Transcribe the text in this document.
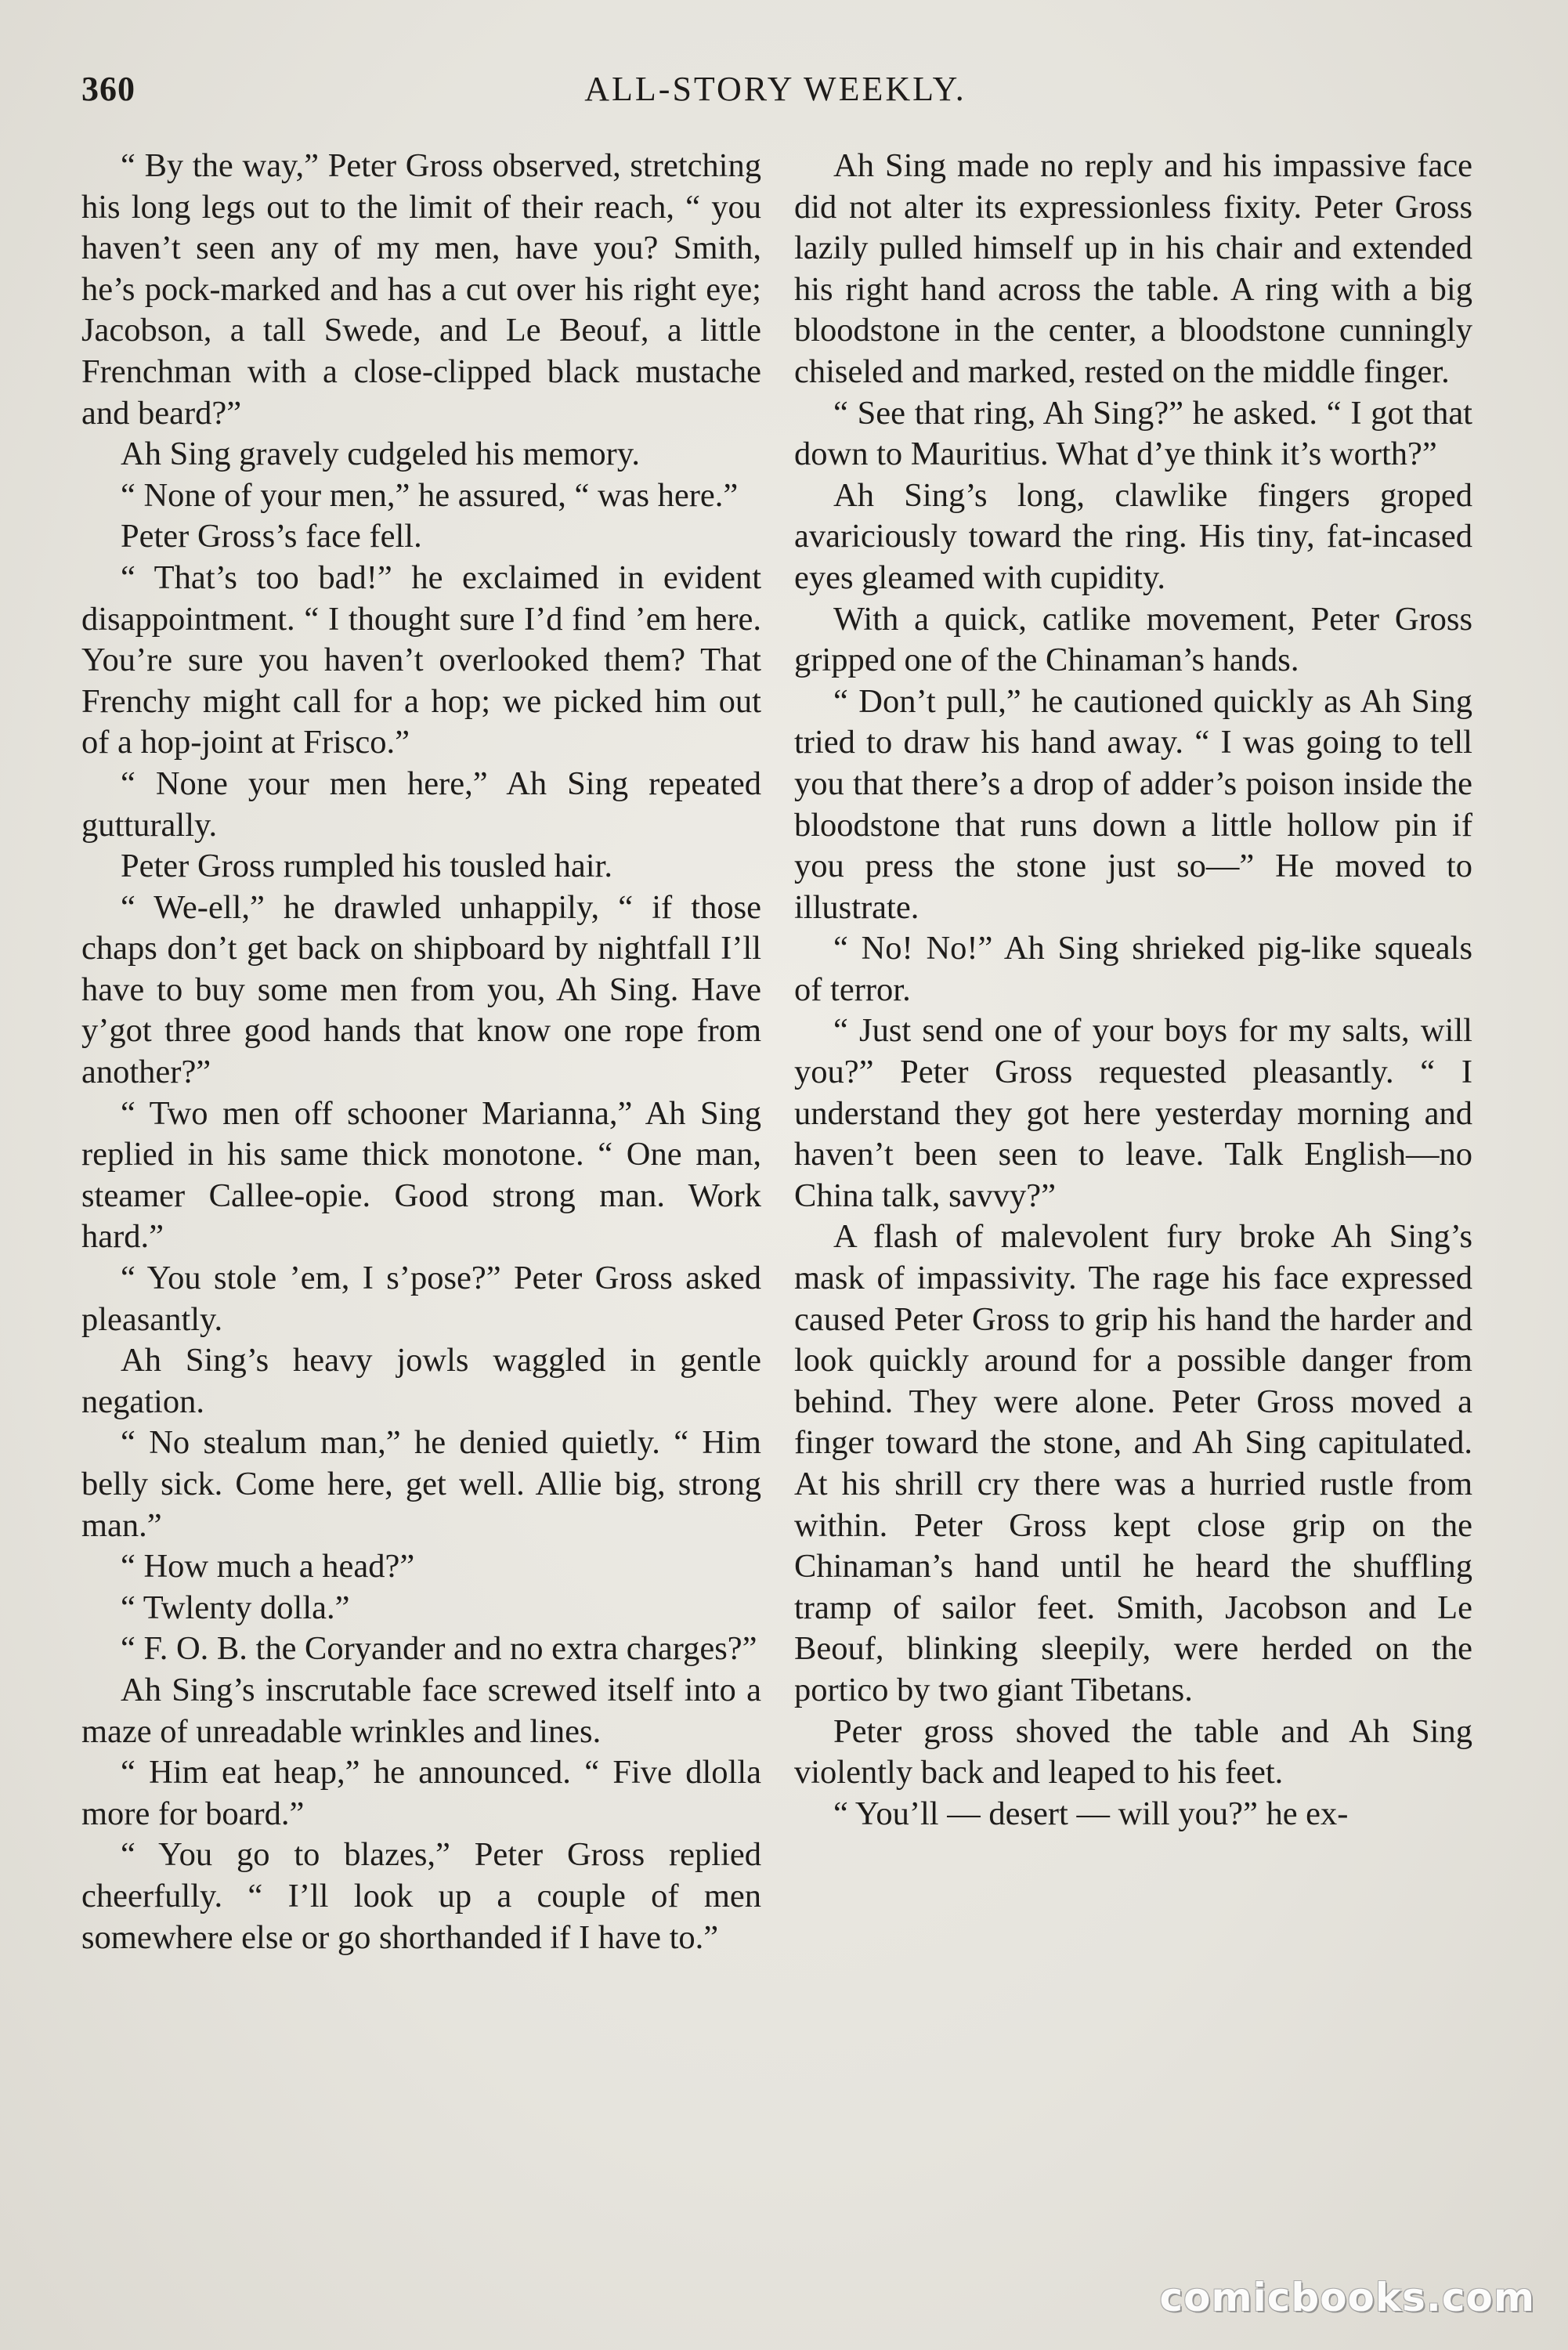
360	ALL-STORY WEEKLY.

“ By the way,” Peter Gross observed, stretching his long legs out to the limit of their reach, “ you haven’t seen any of my men, have you? Smith, he’s pock-marked and has a cut over his right eye; Jacobson, a tall Swede, and Le Beouf, a little Frenchman with a close-clipped black mustache and beard?”

Ah Sing gravely cudgeled his memory.

“ None of your men,” he assured, “ was here.”

Peter Gross’s face fell.

“ That’s too bad!” he exclaimed in evident disappointment. “ I thought sure I’d find ’em here. You’re sure you haven’t overlooked them? That Frenchy might call for a hop; we picked him out of a hop-joint at Frisco.”

“ None your men here,” Ah Sing repeated gutturally.

Peter Gross rumpled his tousled hair.

“ We-ell,” he drawled unhappily, “ if those chaps don’t get back on shipboard by nightfall I’ll have to buy some men from you, Ah Sing. Have y’got three good hands that know one rope from another?”

“ Two men off schooner Marianna,” Ah Sing replied in his same thick monotone. “ One man, steamer Callee-opie. Good strong man. Work hard.”

“ You stole ’em, I s’pose?” Peter Gross asked pleasantly.

Ah Sing’s heavy jowls waggled in gentle negation.

“ No stealum man,” he denied quietly. “ Him belly sick. Come here, get well. Allie big, strong man.”

“ How much a head?”

“ Twlenty dolla.”

“ F. O. B. the Coryander and no extra charges?”

Ah Sing’s inscrutable face screwed itself into a maze of unreadable wrinkles and lines.

“ Him eat heap,” he announced. “ Five dlolla more for board.”

“ You go to blazes,” Peter Gross replied cheerfully. “ I’ll look up a couple of men somewhere else or go shorthanded if I have to.”

Ah Sing made no reply and his impassive face did not alter its expressionless fixity. Peter Gross lazily pulled himself up in his chair and extended his right hand across the table. A ring with a big bloodstone in the center, a bloodstone cunningly chiseled and marked, rested on the middle finger.

“ See that ring, Ah Sing?” he asked. “ I got that down to Mauritius. What d’ye think it’s worth?”

Ah Sing’s long, clawlike fingers groped avariciously toward the ring. His tiny, fat-incased eyes gleamed with cupidity.

With a quick, catlike movement, Peter Gross gripped one of the Chinaman’s hands.

“ Don’t pull,” he cautioned quickly as Ah Sing tried to draw his hand away. “ I was going to tell you that there’s a drop of adder’s poison inside the bloodstone that runs down a little hollow pin if you press the stone just so—” He moved to illustrate.

“ No! No!” Ah Sing shrieked pig-like squeals of terror.

“ Just send one of your boys for my salts, will you?” Peter Gross requested pleasantly. “ I understand they got here yesterday morning and haven’t been seen to leave. Talk English—no China talk, savvy?”

A flash of malevolent fury broke Ah Sing’s mask of impassivity. The rage his face expressed caused Peter Gross to grip his hand the harder and look quickly around for a possible danger from behind. They were alone. Peter Gross moved a finger toward the stone, and Ah Sing capitulated. At his shrill cry there was a hurried rustle from within. Peter Gross kept close grip on the Chinaman’s hand until he heard the shuffling tramp of sailor feet. Smith, Jacobson and Le Beouf, blinking sleepily, were herded on the portico by two giant Tibetans.

Peter gross shoved the table and Ah Sing violently back and leaped to his feet.

“ You’ll — desert — will you?” he ex-

comicbooks.com
